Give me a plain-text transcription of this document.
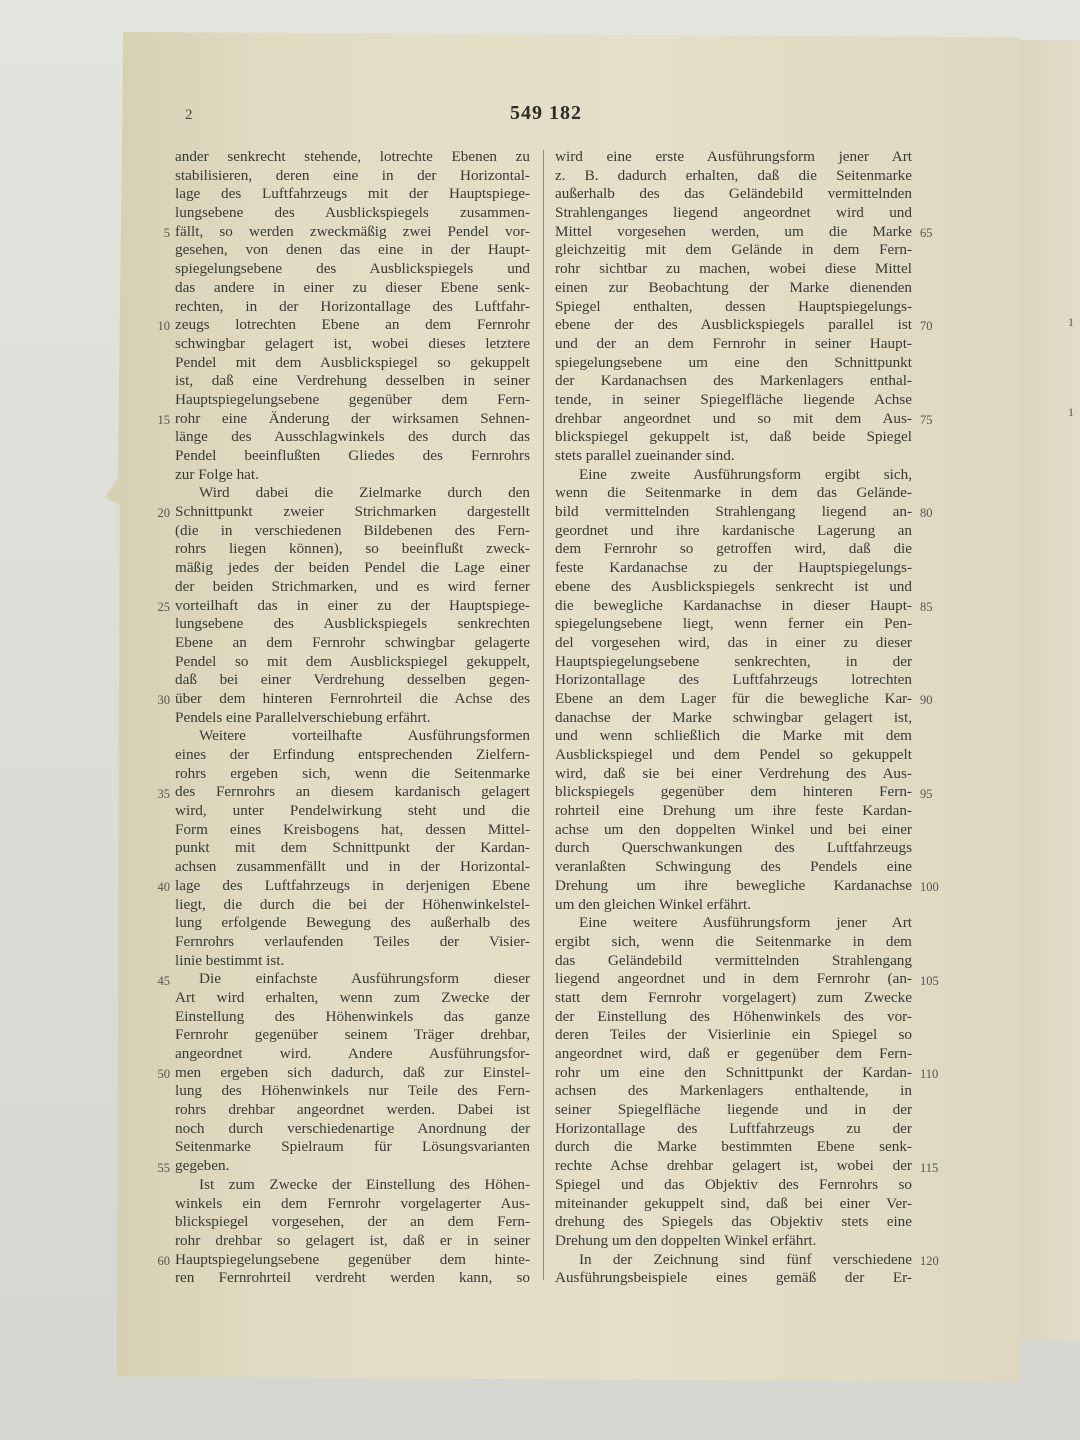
2	549 182
ander senkrecht stehende, lotrechte Ebenen zu
stabilisieren, deren eine in der Horizontal-
lage des Luftfahrzeugs mit der Hauptspiege-
lungsebene des Ausblickspiegels zusammen-
fällt, so werden zweckmäßig zwei Pendel vor-
gesehen, von denen das eine in der Haupt-
spiegelungsebene des Ausblickspiegels und
das andere in einer zu dieser Ebene senk-
rechten, in der Horizontallage des Luftfahr-
zeugs lotrechten Ebene an dem Fernrohr
schwingbar gelagert ist, wobei dieses letztere
Pendel mit dem Ausblickspiegel so gekuppelt
ist, daß eine Verdrehung desselben in seiner
Hauptspiegelungsebene gegenüber dem Fern-
rohr eine Änderung der wirksamen Sehnen-
länge des Ausschlagwinkels des durch das
Pendel beeinflußten Gliedes des Fernrohrs
zur Folge hat.
Wird dabei die Zielmarke durch den
Schnittpunkt zweier Strichmarken dargestellt
(die in verschiedenen Bildebenen des Fern-
rohrs liegen können), so beeinflußt zweck-
mäßig jedes der beiden Pendel die Lage einer
der beiden Strichmarken, und es wird ferner
vorteilhaft das in einer zu der Hauptspiege-
lungsebene des Ausblickspiegels senkrechten
Ebene an dem Fernrohr schwingbar gelagerte
Pendel so mit dem Ausblickspiegel gekuppelt,
daß bei einer Verdrehung desselben gegen-
über dem hinteren Fernrohrteil die Achse des
Pendels eine Parallelverschiebung erfährt.
Weitere vorteilhafte Ausführungsformen
eines der Erfindung entsprechenden Zielfern-
rohrs ergeben sich, wenn die Seitenmarke
des Fernrohrs an diesem kardanisch gelagert
wird, unter Pendelwirkung steht und die
Form eines Kreisbogens hat, dessen Mittel-
punkt mit dem Schnittpunkt der Kardan-
achsen zusammenfällt und in der Horizontal-
lage des Luftfahrzeugs in derjenigen Ebene
liegt, die durch die bei der Höhenwinkelstel-
lung erfolgende Bewegung des außerhalb des
Fernrohrs verlaufenden Teiles der Visier-
linie bestimmt ist.
Die einfachste Ausführungsform dieser
Art wird erhalten, wenn zum Zwecke der
Einstellung des Höhenwinkels das ganze
Fernrohr gegenüber seinem Träger drehbar,
angeordnet wird. Andere Ausführungsfor-
men ergeben sich dadurch, daß zur Einstel-
lung des Höhenwinkels nur Teile des Fern-
rohrs drehbar angeordnet werden. Dabei ist
noch durch verschiedenartige Anordnung der
Seitenmarke Spielraum für Lösungsvarianten
gegeben.
Ist zum Zwecke der Einstellung des Höhen-
winkels ein dem Fernrohr vorgelagerter Aus-
blickspiegel vorgesehen, der an dem Fern-
rohr drehbar so gelagert ist, daß er in seiner
Hauptspiegelungsebene gegenüber dem hinte-
ren Fernrohrteil verdreht werden kann, so
wird eine erste Ausführungsform jener Art
z. B. dadurch erhalten, daß die Seitenmarke
außerhalb des das Geländebild vermittelnden
Strahlenganges liegend angeordnet wird und
Mittel vorgesehen werden, um die Marke
gleichzeitig mit dem Gelände in dem Fern-
rohr sichtbar zu machen, wobei diese Mittel
einen zur Beobachtung der Marke dienenden
Spiegel enthalten, dessen Hauptspiegelungs-
ebene der des Ausblickspiegels parallel ist
und der an dem Fernrohr in seiner Haupt-
spiegelungsebene um eine den Schnittpunkt
der Kardanachsen des Markenlagers enthal-
tende, in seiner Spiegelfläche liegende Achse
drehbar angeordnet und so mit dem Aus-
blickspiegel gekuppelt ist, daß beide Spiegel
stets parallel zueinander sind.
Eine zweite Ausführungsform ergibt sich,
wenn die Seitenmarke in dem das Gelände-
bild vermittelnden Strahlengang liegend an-
geordnet und ihre kardanische Lagerung an
dem Fernrohr so getroffen wird, daß die
feste Kardanachse zu der Hauptspiegelungs-
ebene des Ausblickspiegels senkrecht ist und
die bewegliche Kardanachse in dieser Haupt-
spiegelungsebene liegt, wenn ferner ein Pen-
del vorgesehen wird, das in einer zu dieser
Hauptspiegelungsebene senkrechten, in der
Horizontallage des Luftfahrzeugs lotrechten
Ebene an dem Lager für die bewegliche Kar-
danachse der Marke schwingbar gelagert ist,
und wenn schließlich die Marke mit dem
Ausblickspiegel und dem Pendel so gekuppelt
wird, daß sie bei einer Verdrehung des Aus-
blickspiegels gegenüber dem hinteren Fern-
rohrteil eine Drehung um ihre feste Kardan-
achse um den doppelten Winkel und bei einer
durch Querschwankungen des Luftfahrzeugs
veranlaßten Schwingung des Pendels eine
Drehung um ihre bewegliche Kardanachse
um den gleichen Winkel erfährt.
Eine weitere Ausführungsform jener Art
ergibt sich, wenn die Seitenmarke in dem
das Geländebild vermittelnden Strahlengang
liegend angeordnet und in dem Fernrohr (an-
statt dem Fernrohr vorgelagert) zum Zwecke
der Einstellung des Höhenwinkels des vor-
deren Teiles der Visierlinie ein Spiegel so
angeordnet wird, daß er gegenüber dem Fern-
rohr um eine den Schnittpunkt der Kardan-
achsen des Markenlagers enthaltende, in
seiner Spiegelfläche liegende und in der
Horizontallage des Luftfahrzeugs zu der
durch die Marke bestimmten Ebene senk-
rechte Achse drehbar gelagert ist, wobei der
Spiegel und das Objektiv des Fernrohrs so
miteinander gekuppelt sind, daß bei einer Ver-
drehung des Spiegels das Objektiv stets eine
Drehung um den doppelten Winkel erfährt.
In der Zeichnung sind fünf verschiedene
Ausführungsbeispiele eines gemäß der Er-
5
10
15
20
25
30
35
40
45
50
55
60
65
70
75
80
85
90
95
100
105
110
115
120
1
1
